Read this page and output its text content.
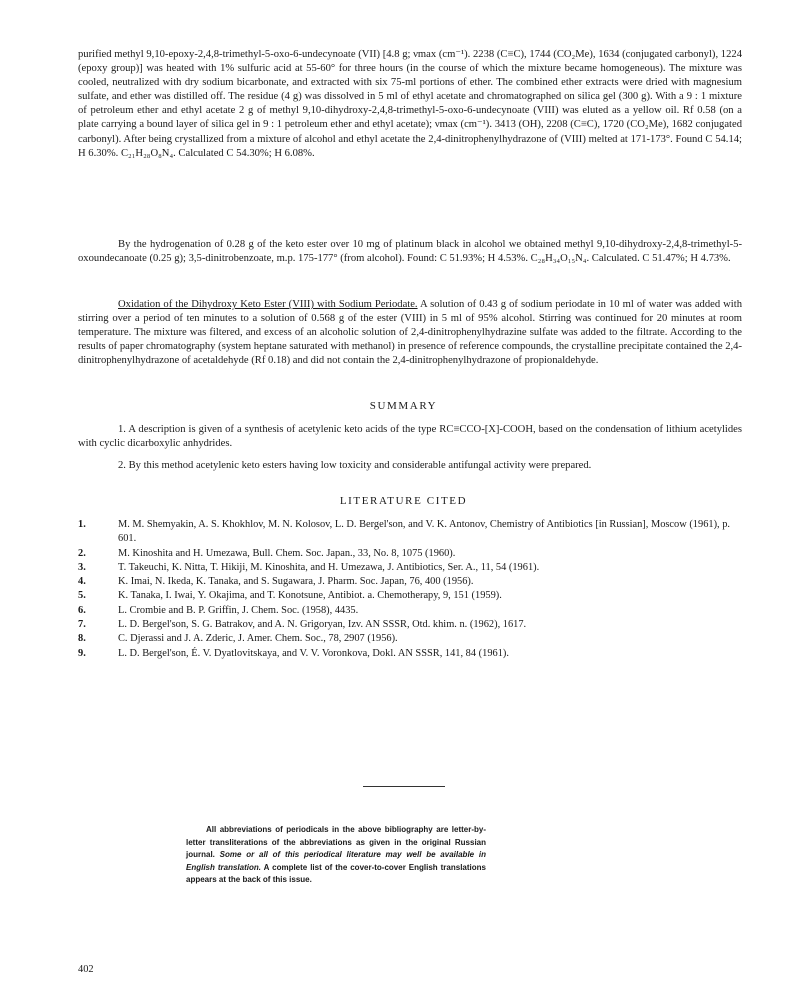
purified methyl 9,10-epoxy-2,4,8-trimethyl-5-oxo-6-undecynoate (VII) [4.8 g; νmax (cm⁻¹). 2238 (C≡C), 1744 (CO₂Me), 1634 (conjugated carbonyl), 1224 (epoxy group)] was heated with 1% sulfuric acid at 55-60° for three hours (in the course of which the mixture became homogeneous). The mixture was cooled, neutralized with dry sodium bicarbonate, and extracted with six 75-ml portions of ether. The combined ether extracts were dried with magnesium sulfate, and ether was distilled off. The residue (4 g) was dissolved in 5 ml of ethyl acetate and chromatographed on silica gel (300 g). With a 9 : 1 mixture of petroleum ether and ethyl acetate 2 g of methyl 9,10-dihydroxy-2,4,8-trimethyl-5-oxo-6-undecynoate (VIII) was eluted as a yellow oil. Rf 0.58 (on a plate carrying a bound layer of silica gel in 9 : 1 petroleum ether and ethyl acetate); νmax (cm⁻¹). 3413 (OH), 2208 (C≡C), 1720 (CO₂Me), 1682 conjugated carbonyl). After being crystallized from a mixture of alcohol and ethyl acetate the 2,4-dinitrophenylhydrazone of (VIII) melted at 171-173°. Found C 54.14; H 6.30%. C₂₁H₂₈O₈N₄. Calculated C 54.30%; H 6.08%.

By the hydrogenation of 0.28 g of the keto ester over 10 mg of platinum black in alcohol we obtained methyl 9,10-dihydroxy-2,4,8-trimethyl-5-oxoundecanoate (0.25 g); 3,5-dinitrobenzoate, m.p. 175-177° (from alcohol). Found: C 51.93%; H 4.53%. C₂₈H₃₄O₁₅N₄. Calculated. C 51.47%; H 4.73%.

Oxidation of the Dihydroxy Keto Ester (VIII) with Sodium Periodate. A solution of 0.43 g of sodium periodate in 10 ml of water was added with stirring over a period of ten minutes to a solution of 0.568 g of the ester (VIII) in 5 ml of 95% alcohol. Stirring was continued for 20 minutes at room temperature. The mixture was filtered, and excess of an alcoholic solution of 2,4-dinitrophenylhydrazine sulfate was added to the filtrate. According to the results of paper chromatography (system heptane saturated with methanol) in presence of reference compounds, the crystalline precipitate contained the 2,4-dinitrophenylhydrazone of acetaldehyde (Rf 0.18) and did not contain the 2,4-dinitrophenylhydrazone of propionaldehyde.

SUMMARY

1. A description is given of a synthesis of acetylenic keto acids of the type RC≡CCO-[X]-COOH, based on the condensation of lithium acetylides with cyclic dicarboxylic anhydrides.

2. By this method acetylenic keto esters having low toxicity and considerable antifungal activity were prepared.

LITERATURE CITED
1.	M. M. Shemyakin, A. S. Khokhlov, M. N. Kolosov, L. D. Bergel'son, and V. K. Antonov, Chemistry of Antibiotics [in Russian], Moscow (1961), p. 601.
2.	M. Kinoshita and H. Umezawa, Bull. Chem. Soc. Japan., 33, No. 8, 1075 (1960).
3.	T. Takeuchi, K. Nitta, T. Hikiji, M. Kinoshita, and H. Umezawa, J. Antibiotics, Ser. A., 11, 54 (1961).
4.	K. Imai, N. Ikeda, K. Tanaka, and S. Sugawara, J. Pharm. Soc. Japan, 76, 400 (1956).
5.	K. Tanaka, I. Iwai, Y. Okajima, and T. Konotsune, Antibiot. a. Chemotherapy, 9, 151 (1959).
6.	L. Crombie and B. P. Griffin, J. Chem. Soc. (1958), 4435.
7.	L. D. Bergel'son, S. G. Batrakov, and A. N. Grigoryan, Izv. AN SSSR, Otd. khim. n. (1962), 1617.
8.	C. Djerassi and J. A. Zderic, J. Amer. Chem. Soc., 78, 2907 (1956).
9.	L. D. Bergel'son, É. V. Dyatlovitskaya, and V. V. Voronkova, Dokl. AN SSSR, 141, 84 (1961).

All abbreviations of periodicals in the above bibliography are letter-by-letter transliterations of the abbreviations as given in the original Russian journal. Some or all of this periodical literature may well be available in English translation. A complete list of the cover-to-cover English translations appears at the back of this issue.

402
